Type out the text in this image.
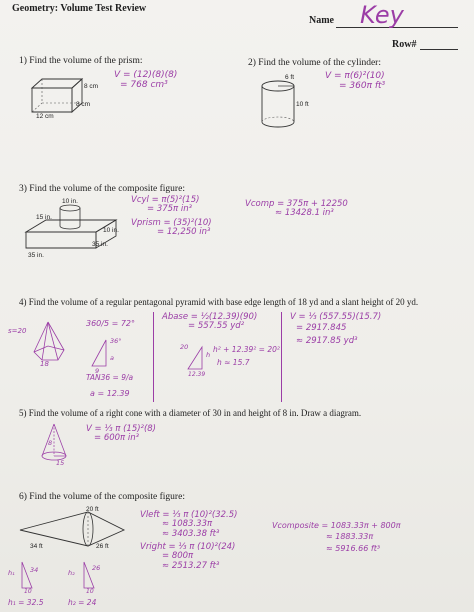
Geometry: Volume Test Review
Name Key
Row#
1) Find the volume of the prism:
8 cm
8 cm
12 cm
V = (12)(8)(8)
= 768 cm³
2) Find the volume of the cylinder:
6 ft
10 ft
V = π(6)²(10)
= 360π ft³
3) Find the volume of the composite figure:
10 in.
15 in.
10 in.
35 in.
35 in.
Vcyl = π(5)²(15)
= 375π in³
Vprism = (35)²(10)
= 12,250 in³
Vcomp = 375π + 12250
≈ 13428.1 in³
4) Find the volume of a regular pentagonal pyramid with base edge length of 18 yd and a slant height of 20 yd.
s=20
18
360/5 = 72°
36°
a
9
TAN36 = 9/a
a = 12.39
Abase = ½(12.39)(90)
= 557.55 yd²
20
h
12.39
h² + 12.39² = 20²
h ≈ 15.7
V = ⅓ (557.55)(15.7)
= 2917.845
≈ 2917.85 yd³
5) Find the volume of a right cone with a diameter of 30 in and height of 8 in. Draw a diagram.
8
15
V = ⅓ π (15)²(8)
= 600π in³
6) Find the volume of the composite figure:
20 ft
34 ft	26 ft
h₁ 34
10
h₂
26
10
h₁ = 32.5	h₂ = 24
Vleft = ⅓ π (10)²(32.5)
≈ 1083.33π
≈ 3403.38 ft³
Vright = ⅓ π (10)²(24)
= 800π
≈ 2513.27 ft³
Vcomposite = 1083.33π + 800π
≈ 1883.33π
≈ 5916.66 ft³
